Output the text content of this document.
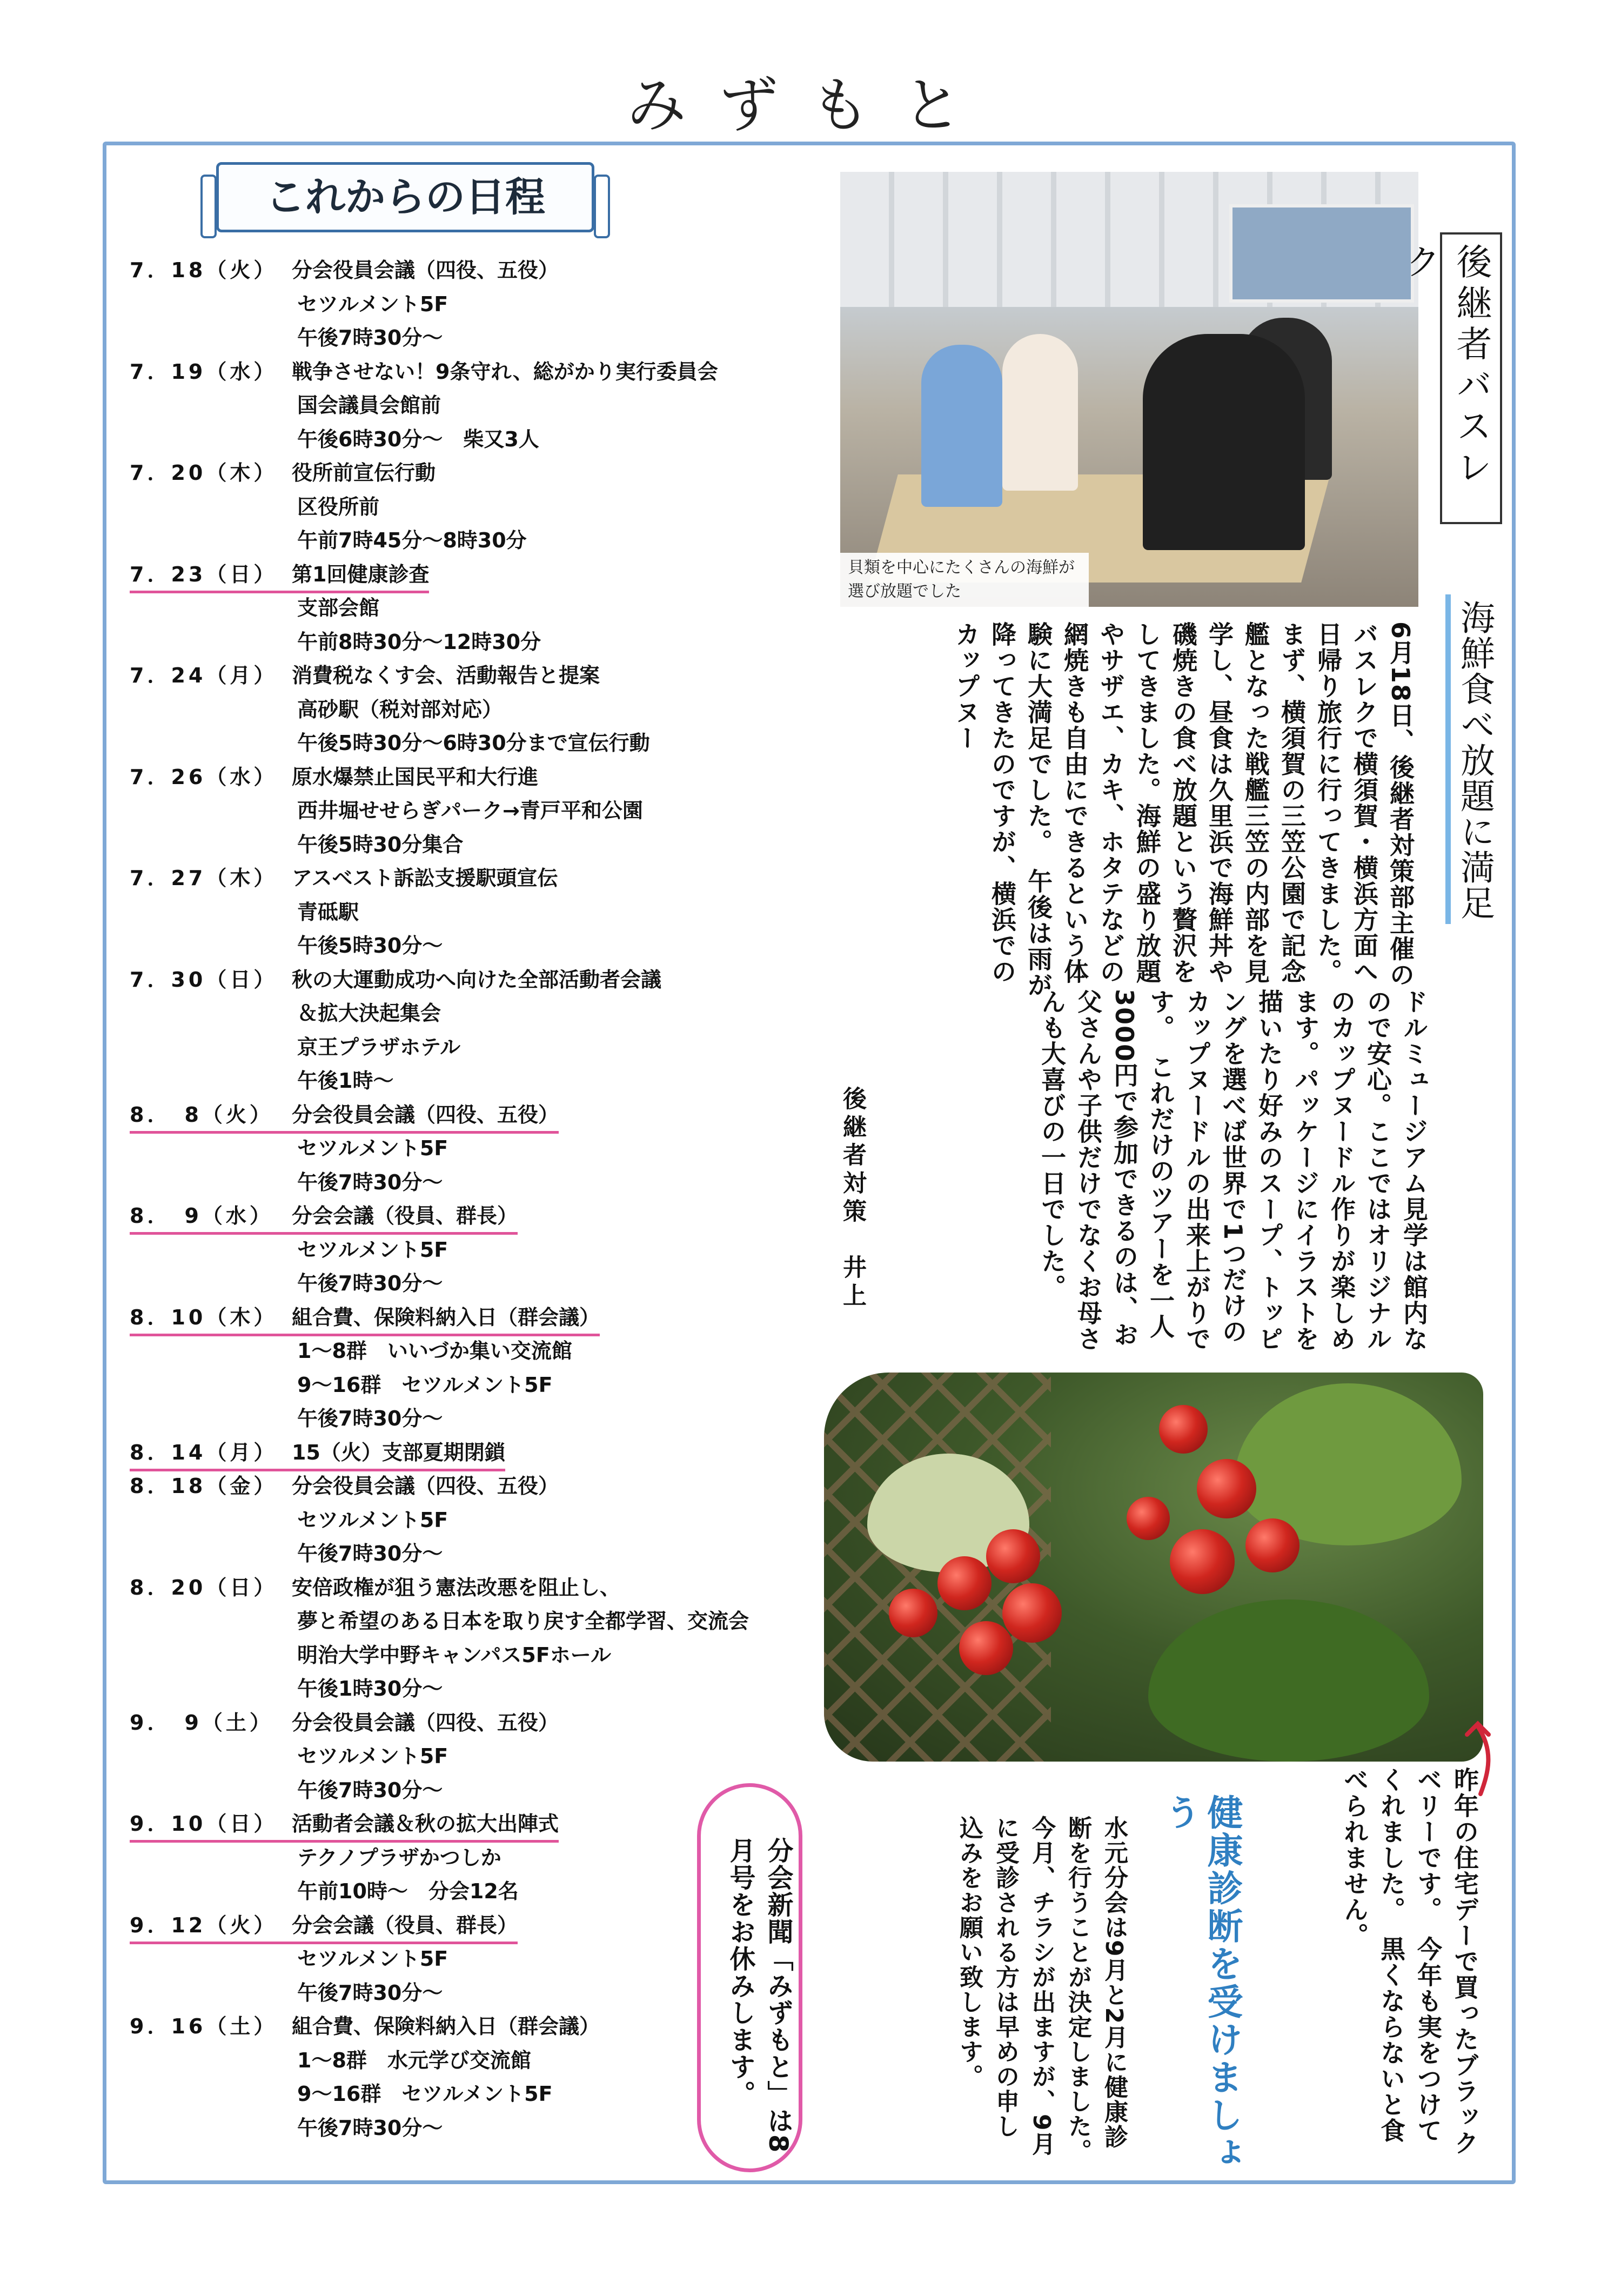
みずもと
これからの日程
7．18（火） 分会役員会議（四役、五役）
セツルメント5F
午後7時30分～
7．19（水） 戦争させない！9条守れ、総がかり実行委員会
国会議員会館前
午後6時30分～　柴又3人
7．20（木） 役所前宣伝行動
区役所前
午前7時45分～8時30分
7．23（日） 第1回健康診査
支部会館
午前8時30分～12時30分
7．24（月） 消費税なくす会、活動報告と提案
高砂駅（税対部対応）
午後5時30分～6時30分まで宣伝行動
7．26（水） 原水爆禁止国民平和大行進
西井堀せせらぎパーク→青戸平和公園
午後5時30分集合
7．27（木） アスベスト訴訟支援駅頭宣伝
青砥駅
午後5時30分～
7．30（日） 秋の大運動成功へ向けた全部活動者会議
＆拡大決起集会
京王プラザホテル
午後1時～
8．　8（火） 分会役員会議（四役、五役）
セツルメント5F
午後7時30分～
8．　9（水） 分会会議（役員、群長）
セツルメント5F
午後7時30分～
8．10（木） 組合費、保険料納入日（群会議）
1～8群　いいづか集い交流館
9～16群　セツルメント5F
午後7時30分～
8．14（月） 15（火）支部夏期閉鎖
8．18（金） 分会役員会議（四役、五役）
セツルメント5F
午後7時30分～
8．20（日） 安倍政権が狙う憲法改悪を阻止し、
夢と希望のある日本を取り戻す全都学習、交流会
明治大学中野キャンパス5Fホール
午後1時30分～
9．　9（土） 分会役員会議（四役、五役）
セツルメント5F
午後7時30分～
9．10（日） 活動者会議＆秋の拡大出陣式
テクノプラザかつしか
午前10時～　分会12名
9．12（火） 分会会議（役員、群長）
セツルメント5F
午後7時30分～
9．16（土） 組合費、保険料納入日（群会議）
1～8群　水元学び交流館
9～16群　セツルメント5F
午後7時30分～
貝類を中心にたくさんの海鮮が選び放題でした
後継者バスレク
海鮮食べ放題に満足
6月18日、後継者対策部主催のバスレクで横須賀・横浜方面へ日帰り旅行に行ってきました。　まず、横須賀の三笠公園で記念艦となった戦艦三笠の内部を見学し、昼食は久里浜で海鮮丼や磯焼きの食べ放題という贅沢をしてきました。海鮮の盛り放題やサザエ、カキ、ホタテなどの網焼きも自由にできるという体験に大満足でした。　午後は雨が降ってきたのですが、横浜でのカップヌー
ドルミュージアム見学は館内なので安心。ここではオリジナルのカップヌードル作りが楽しめます。パッケージにイラストを描いたり好みのスープ、トッピングを選べば世界で1つだけのカップヌードルの出来上がりです。　これだけのツアーを一人3000円で参加できるのは、お父さんや子供だけでなくお母さんも大喜びの一日でした。
後継者対策　井上
昨年の住宅デーで買ったブラックベリーです。　今年も実をつけてくれました。　黒くならないと食べられません。
健康診断を受けましょう
水元分会は9月と2月に健康診断を行うことが決定しました。　今月、チラシが出ますが、9月に受診される方は早めの申し込みをお願い致します。
分会新聞「みずもと」は8月号をお休みします。
